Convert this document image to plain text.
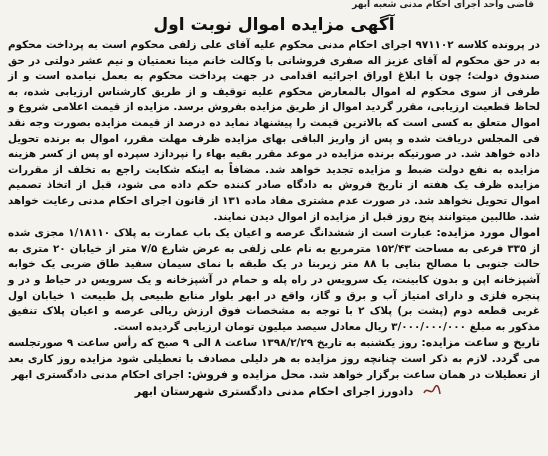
قاضی واحد اجرای احکام مدنی شعبه ابهر
آگهی مزایده اموال نوبت اول

در پرونده کلاسه ۹۷۱۱۰۲ اجرای احکام مدنی محکوم علیه آقای علی زلفی محکوم است به پرداخت محکوم به در حق محکوم له آقای عزیز اله صفری فروشانی با وکالت خانم مینا نعمتیان و نیم عشر دولتی در حق صندوق دولت؛ چون با ابلاغ اوراق اجرائیه اقدامی در جهت پرداخت محکوم به بعمل نیامده است و از طرفی از سوی محکوم له اموال بالمعارض محکوم علیه توقیف و از طریق کارشناس ارزیابی شده، به لحاظ قطعیت ارزیابی، مقرر گردید اموال از طریق مزایده بفروش برسد. مزایده از قیمت اعلامی شروع و اموال متعلق به کسی است که بالاترین قیمت را پیشنهاد نماید ده درصد از قیمت مزایده بصورت وجه نقد فی المجلس دریافت شده و پس از واریز الباقی بهای مزایده ظرف مهلت مقرر، اموال به برنده تحویل داده خواهد شد. در صورتیکه برنده مزایده در موعد مقرر بقیه بهاء را نپردازد سپرده او پس از کسر هزینه مزایده به نفع دولت ضبط و مزایده تجدید خواهد شد. مضافاً به اینکه شکایت راجع به تخلف از مقررات مزایده ظرف یک هفته از تاریخ فروش به دادگاه صادر کننده حکم داده می شود، قبل از اتخاذ تصمیم اموال تحویل نخواهد شد. در صورت عدم مشتری مفاد ماده ۱۳۱ از قانون اجرای احکام مدنی رعایت خواهد شد. طالبین میتوانند پنج روز قبل از مزایده از اموال دیدن نمایند.

اموال مورد مزایده: عبارت است از ششدانگ عرصه و اعیان یک باب عمارت به پلاک ۱/۱۸۱۱۰ مجزی شده از ۳۳۵ فرعی به مساحت ۱۵۲/۴۳ مترمربع به نام علی زلفی به عرض شارع ۷/۵ متر از خیابان ۲۰ متری به حالت جنوبی با مصالح بنایی با ۸۸ متر زیربنا در یک طبقه با نمای سیمان سفید طاق ضربی یک خوابه آشپزخانه اپن و بدون کابینت، یک سرویس در راه پله و حمام در آشپزخانه و یک سرویس در حیاط و در و پنجره فلزی و دارای امتیاز آب و برق و گاز، واقع در ابهر بلوار منابع طبیعی پل طبیعت ۱ خیابان اول غربی قطعه دوم (پشت بر) پلاک ۲ با توجه به مشخصات فوق ارزش ریالی عرصه و اعیان پلاک تنفیق مذکور به مبلغ ۳/۰۰۰/۰۰۰/۰۰۰ ریال معادل سیصد میلیون تومان ارزیابی گردیده است.

تاریخ و ساعت مزایده: روز یکشنبه به تاریخ ۱۳۹۸/۲/۲۹ ساعت ۸ الی ۹ صبح که رأس ساعت ۹ صورتجلسه می گردد. لازم به ذکر است چنانچه روز مزایده به هر دلیلی مصادف با تعطیلی شود مزایده روز کاری بعد از تعطیلات در همان ساعت برگزار خواهد شد. محل مزایده و فروش: اجرای احکام مدنی دادگستری ابهر

دادورز اجرای احکام مدنی دادگستری شهرستان ابهر
